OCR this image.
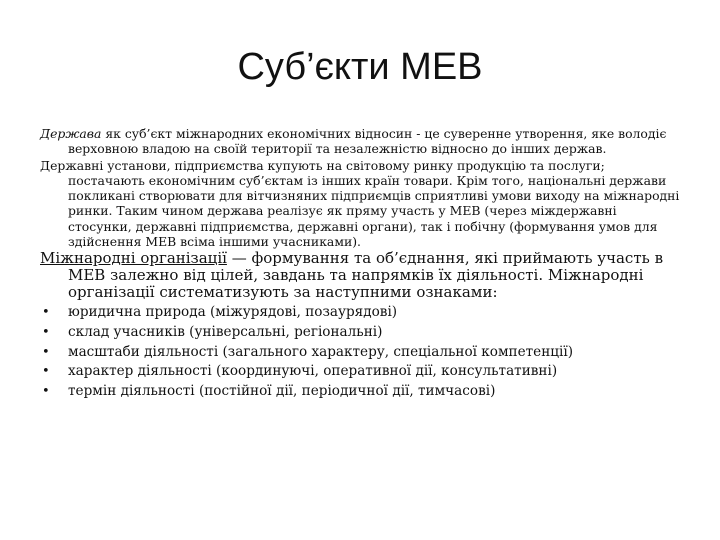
Суб’єкти МЕВ

Держава як суб’єкт міжнародних економічних відносин - це суверенне утворення, яке володіє верховною владою на своїй території та незалежністю відносно до інших держав.

Державні установи, підприємства купують на світовому ринку продукцію та послуги; постачають економічним суб’єктам із інших країн товари. Крім того, національні держави покликані створювати для вітчизняних підприємців сприятливі умови виходу на міжнародні ринки. Таким чином держава реалізує як пряму участь у МЕВ (через міждержавні стосунки, державні підприємства, державні органи), так і побічну (формування умов для здійснення МЕВ всіма іншими учасниками).

Міжнародні організації — формування та об’єднання, які приймають участь в МЕВ залежно від цілей, завдань та напрямків їх діяльності. Міжнародні організації систематизують за наступними ознаками:

• юридична природа (міжурядові, позаурядові)
• склад учасників (універсальні, регіональні)
• масштаби діяльності (загального характеру, спеціальної компетенції)
• характер діяльності (координуючі, оперативної дії, консультативні)
• термін діяльності (постійної дії, періодичної дії, тимчасові)
